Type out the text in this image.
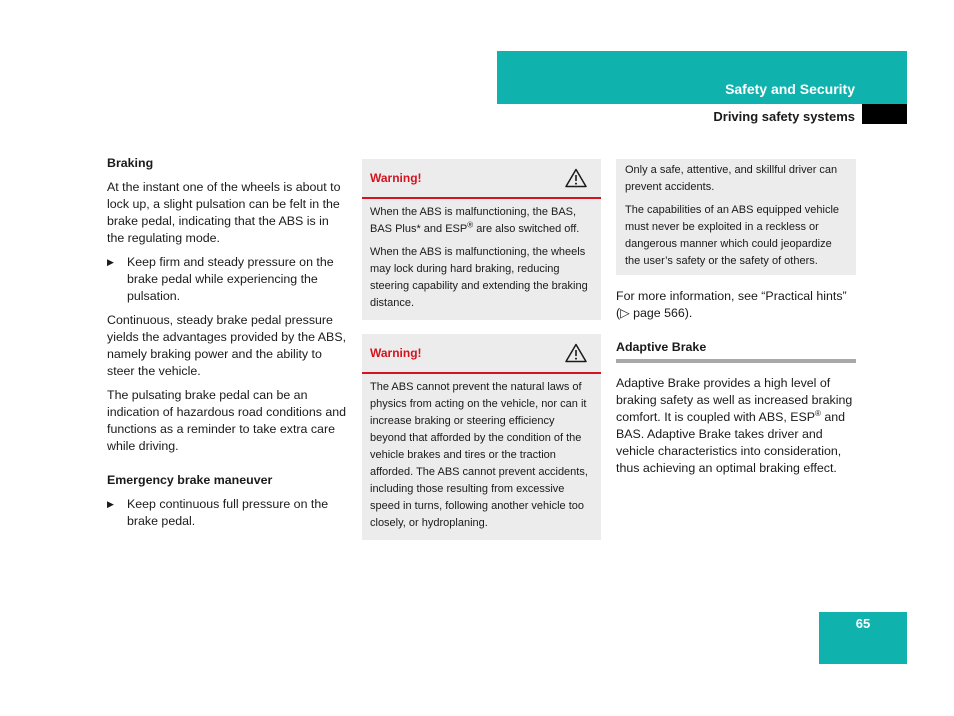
Safety and Security
Driving safety systems

Braking

At the instant one of the wheels is about to lock up, a slight pulsation can be felt in the brake pedal, indicating that the ABS is in the regulating mode.

▶ Keep firm and steady pressure on the brake pedal while experiencing the pulsation.

Continuous, steady brake pedal pressure yields the advantages provided by the ABS, namely braking power and the ability to steer the vehicle.

The pulsating brake pedal can be an indication of hazardous road conditions and functions as a reminder to take extra care while driving.

Emergency brake maneuver

▶ Keep continuous full pressure on the brake pedal.
Warning!

When the ABS is malfunctioning, the BAS, BAS Plus* and ESP® are also switched off.

When the ABS is malfunctioning, the wheels may lock during hard braking, reducing steering capability and extending the braking distance.

Warning!

The ABS cannot prevent the natural laws of physics from acting on the vehicle, nor can it increase braking or steering efficiency beyond that afforded by the condition of the vehicle brakes and tires or the traction afforded. The ABS cannot prevent accidents, including those resulting from excessive speed in turns, following another vehicle too closely, or hydroplaning.

Only a safe, attentive, and skillful driver can prevent accidents.

The capabilities of an ABS equipped vehicle must never be exploited in a reckless or dangerous manner which could jeopardize the user’s safety or the safety of others.

For more information, see “Practical hints”
(▷ page 566).

Adaptive Brake

Adaptive Brake provides a high level of braking safety as well as increased braking comfort. It is coupled with ABS, ESP® and BAS. Adaptive Brake takes driver and vehicle characteristics into consideration, thus achieving an optimal braking effect.

65
